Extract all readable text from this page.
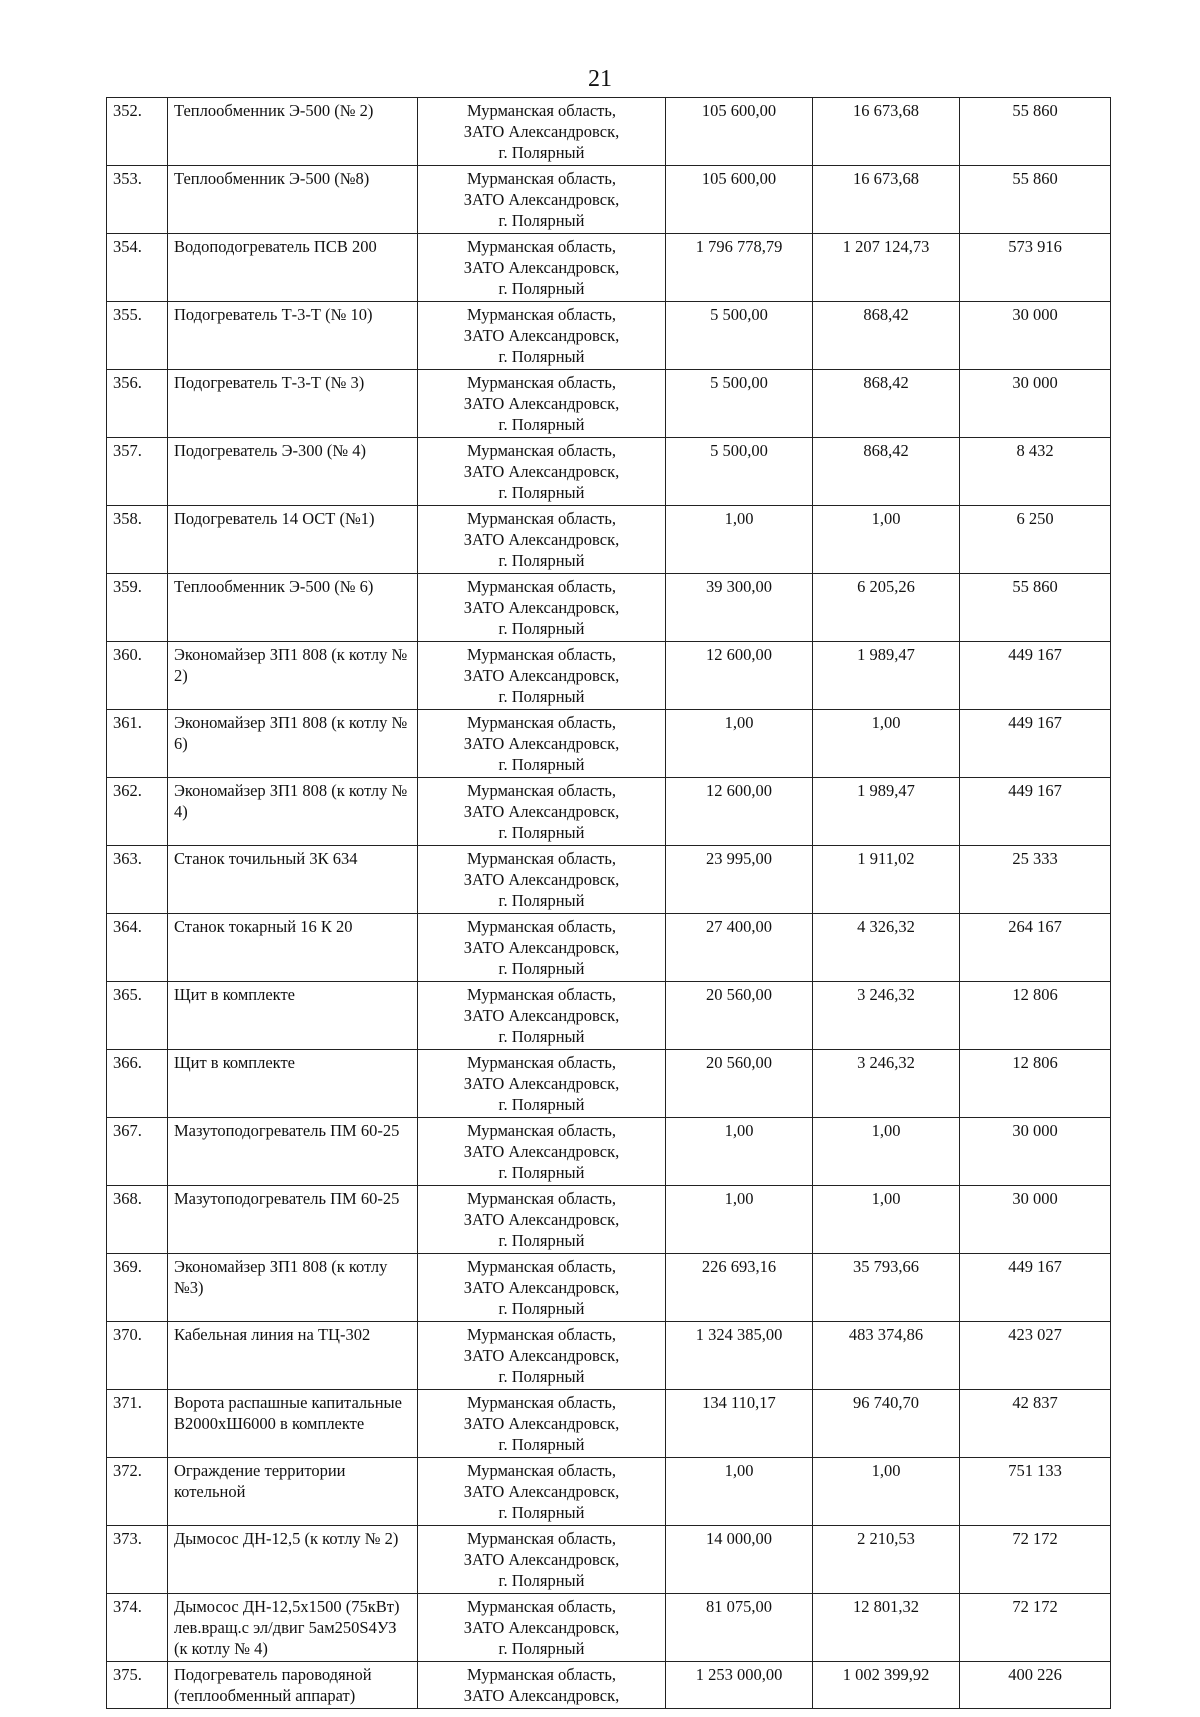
21
352.	Теплообменник Э-500 (№ 2)	Мурманская область,
ЗАТО Александровск,
г. Полярный	105 600,00	16 673,68	55 860
353.	Теплообменник Э-500 (№8)	Мурманская область,
ЗАТО Александровск,
г. Полярный	105 600,00	16 673,68	55 860
354.	Водоподогреватель ПСВ 200	Мурманская область,
ЗАТО Александровск,
г. Полярный	1 796 778,79	1 207 124,73	573 916
355.	Подогреватель Т-3-Т (№ 10)	Мурманская область,
ЗАТО Александровск,
г. Полярный	5 500,00	868,42	30 000
356.	Подогреватель Т-3-Т (№ 3)	Мурманская область,
ЗАТО Александровск,
г. Полярный	5 500,00	868,42	30 000
357.	Подогреватель Э-300 (№ 4)	Мурманская область,
ЗАТО Александровск,
г. Полярный	5 500,00	868,42	8 432
358.	Подогреватель 14 ОСТ (№1)	Мурманская область,
ЗАТО Александровск,
г. Полярный	1,00	1,00	6 250
359.	Теплообменник Э-500 (№ 6)	Мурманская область,
ЗАТО Александровск,
г. Полярный	39 300,00	6 205,26	55 860
360.	Экономайзер ЗП1 808 (к котлу № 2)	Мурманская область,
ЗАТО Александровск,
г. Полярный	12 600,00	1 989,47	449 167
361.	Экономайзер ЗП1 808 (к котлу № 6)	Мурманская область,
ЗАТО Александровск,
г. Полярный	1,00	1,00	449 167
362.	Экономайзер ЗП1 808 (к котлу № 4)	Мурманская область,
ЗАТО Александровск,
г. Полярный	12 600,00	1 989,47	449 167
363.	Станок точильный 3К 634	Мурманская область,
ЗАТО Александровск,
г. Полярный	23 995,00	1 911,02	25 333
364.	Станок токарный 16 К 20	Мурманская область,
ЗАТО Александровск,
г. Полярный	27 400,00	4 326,32	264 167
365.	Щит в комплекте	Мурманская область,
ЗАТО Александровск,
г. Полярный	20 560,00	3 246,32	12 806
366.	Щит в комплекте	Мурманская область,
ЗАТО Александровск,
г. Полярный	20 560,00	3 246,32	12 806
367.	Мазутоподогреватель ПМ 60-25	Мурманская область,
ЗАТО Александровск,
г. Полярный	1,00	1,00	30 000
368.	Мазутоподогреватель ПМ 60-25	Мурманская область,
ЗАТО Александровск,
г. Полярный	1,00	1,00	30 000
369.	Экономайзер ЗП1 808 (к котлу №3)	Мурманская область,
ЗАТО Александровск,
г. Полярный	226 693,16	35 793,66	449 167
370.	Кабельная линия на ТЦ-302	Мурманская область,
ЗАТО Александровск,
г. Полярный	1 324 385,00	483 374,86	423 027
371.	Ворота распашные капитальные В2000хШ6000 в комплекте	Мурманская область,
ЗАТО Александровск,
г. Полярный	134 110,17	96 740,70	42 837
372.	Ограждение территории котельной	Мурманская область,
ЗАТО Александровск,
г. Полярный	1,00	1,00	751 133
373.	Дымосос ДН-12,5 (к котлу № 2)	Мурманская область,
ЗАТО Александровск,
г. Полярный	14 000,00	2 210,53	72 172
374.	Дымосос ДН-12,5х1500 (75кВт) лев.вращ.с эл/двиг 5ам250S4УЗ (к котлу № 4)	Мурманская область,
ЗАТО Александровск,
г. Полярный	81 075,00	12 801,32	72 172
375.	Подогреватель пароводяной (теплообменный аппарат)	Мурманская область,
ЗАТО Александровск,	1 253 000,00	1 002 399,92	400 226
